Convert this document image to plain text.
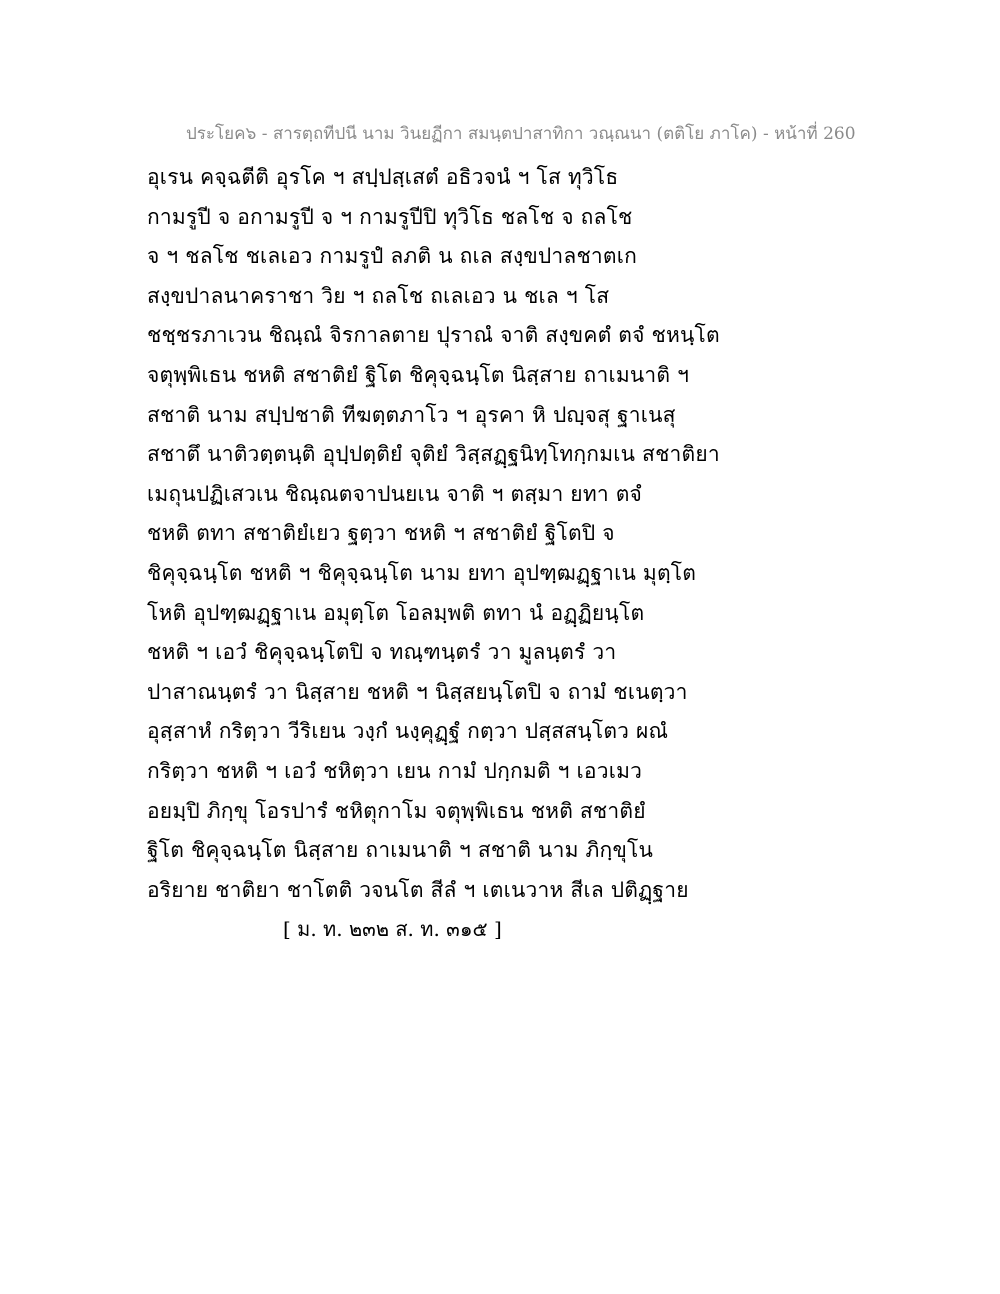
ประโยค๖ - สารตฺถทีปนี นาม วินยฏีกา สมนฺตปาสาทิกา วณฺณนา (ตติโย ภาโค) - หน้าที่ 260
อุเรน คจฺฉตีติ อุรโค ฯ สปฺปสฺเสตํ อธิวจนํ ฯ โส ทุวิโธ
กามรูปี จ อกามรูปี จ ฯ กามรูปีปิ ทุวิโธ ชลโช จ ถลโช
จ ฯ ชลโช ชเลเอว กามรูปํ ลภติ น ถเล สงฺขปาลชาตเก
สงฺขปาลนาคราชา วิย ฯ ถลโช ถเลเอว น ชเล ฯ โส
ชชฺชรภาเวน ชิณฺณํ จิรกาลตาย ปุราณํ จาติ สงฺขคตํ ตจํ ชหนฺโต
จตุพฺพิเธน ชหติ สชาติยํ ฐิโต ชิคุจฺฉนฺโต นิสฺสาย ถาเมนาติ ฯ
สชาติ นาม สปฺปชาติ ทีฆตฺตภาโว ฯ อุรคา หิ ปญฺจสุ ฐาเนสุ
สชาตึ นาติวตฺตนฺติ อุปฺปตฺติยํ จุติยํ วิสฺสฏฺฐนิทฺโทกฺกมเน สชาติยา
เมถุนปฏิเสวเน ชิณฺณตจาปนยเน จาติ ฯ ตสฺมา ยทา ตจํ
ชหติ ตทา สชาติยํเยว ฐตฺวา ชหติ ฯ สชาติยํ ฐิโตปิ จ
ชิคุจฺฉนฺโต ชหติ ฯ ชิคุจฺฉนฺโต นาม ยทา อุปฑฺฒฏฺฐาเน มุตฺโต
โหติ อุปฑฺฒฏฺฐาเน อมุตฺโต โอลมฺพติ ตทา นํ อฏฺฏิยนฺโต
ชหติ ฯ เอวํ ชิคุจฺฉนฺโตปิ จ ทณฺฑนฺตรํ วา มูลนฺตรํ วา
ปาสาณนฺตรํ วา นิสฺสาย ชหติ ฯ นิสฺสยนฺโตปิ จ ถามํ ชเนตฺวา
อุสฺสาหํ กริตฺวา วีริเยน วงฺกํ นงฺคุฏฺฐํ กตฺวา ปสฺสสนฺโตว ผณํ
กริตฺวา ชหติ ฯ เอวํ ชหิตฺวา เยน กามํ ปกฺกมติ ฯ เอวเมว
อยมฺปิ ภิกฺขุ โอรปารํ ชหิตุกาโม จตุพฺพิเธน ชหติ สชาติยํ
ฐิโต ชิคุจฺฉนฺโต นิสฺสาย ถาเมนาติ ฯ สชาติ นาม ภิกฺขุโน
อริยาย ชาติยา ชาโตติ วจนโต สีลํ ฯ เตเนวาห สีเล ปติฏฺฐาย
[ ม. ท. ๒๓๒ ส. ท. ๓๑๕ ]
